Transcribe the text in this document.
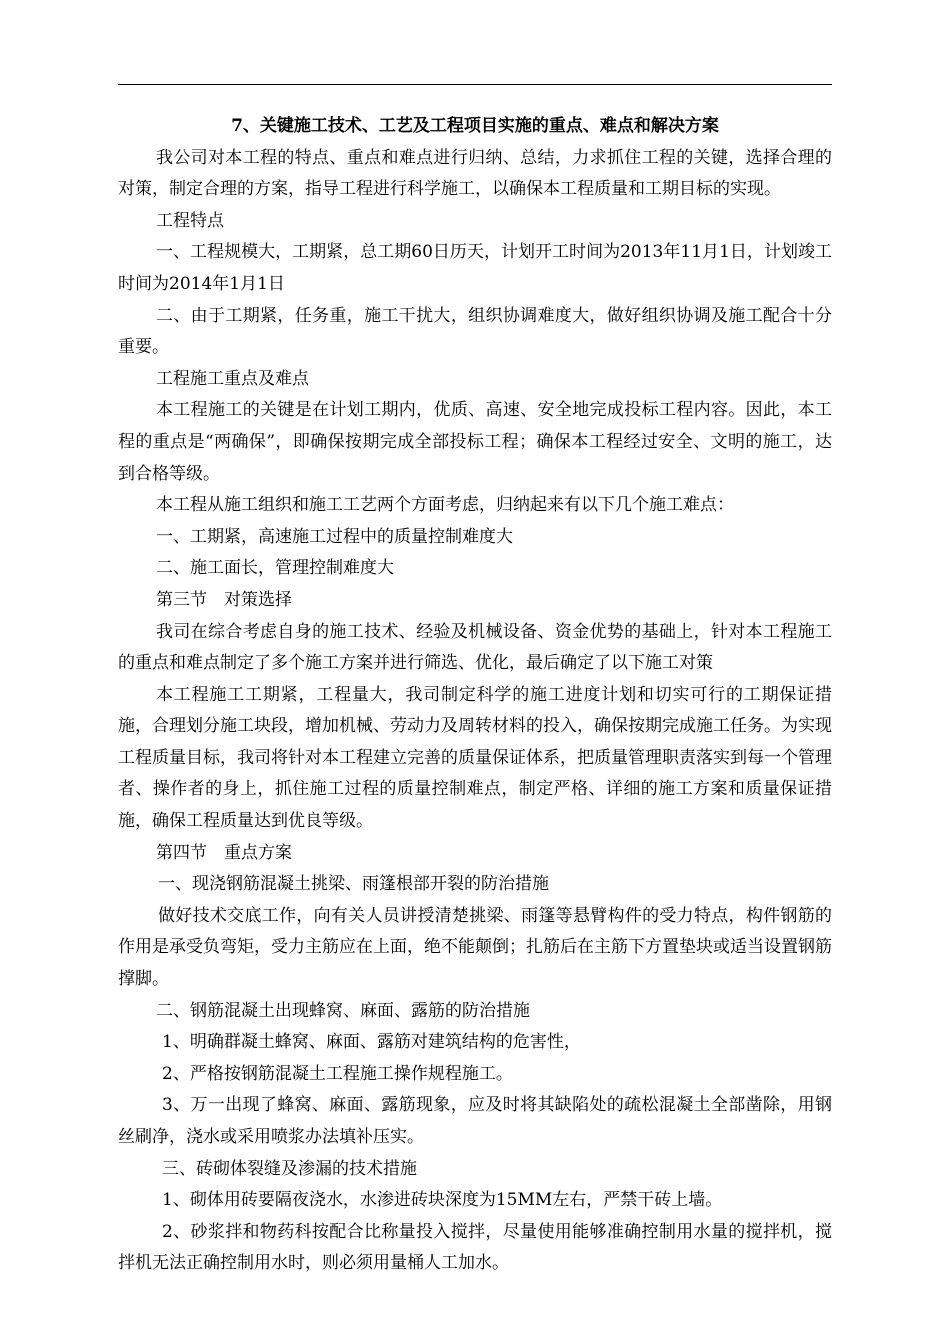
7、关键施工技术、工艺及工程项目实施的重点、难点和解决方案

我公司对本工程的特点、重点和难点进行归纳、总结，力求抓住工程的关键，选择合理的对策，制定合理的方案，指导工程进行科学施工，以确保本工程质量和工期目标的实现。

工程特点

一、工程规模大，工期紧，总工期60日历天，计划开工时间为2013年11月1日，计划竣工时间为2014年1月1日

二、由于工期紧，任务重，施工干扰大，组织协调难度大，做好组织协调及施工配合十分重要。

工程施工重点及难点

本工程施工的关键是在计划工期内，优质、高速、安全地完成投标工程内容。因此，本工程的重点是“两确保”，即确保按期完成全部投标工程；确保本工程经过安全、文明的施工，达到合格等级。

本工程从施工组织和施工工艺两个方面考虑，归纳起来有以下几个施工难点：

一、工期紧，高速施工过程中的质量控制难度大

二、施工面长，管理控制难度大

第三节　对策选择

我司在综合考虑自身的施工技术、经验及机械设备、资金优势的基础上，针对本工程施工的重点和难点制定了多个施工方案并进行筛选、优化，最后确定了以下施工对策

本工程施工工期紧，工程量大，我司制定科学的施工进度计划和切实可行的工期保证措施，合理划分施工块段，增加机械、劳动力及周转材料的投入，确保按期完成施工任务。为实现工程质量目标，我司将针对本工程建立完善的质量保证体系，把质量管理职责落实到每一个管理者、操作者的身上，抓住施工过程的质量控制难点，制定严格、详细的施工方案和质量保证措施，确保工程质量达到优良等级。

第四节　重点方案

一、现浇钢筋混凝土挑梁、雨篷根部开裂的防治措施

做好技术交底工作，向有关人员讲授清楚挑梁、雨篷等悬臂构件的受力特点，构件钢筋的作用是承受负弯矩，受力主筋应在上面，绝不能颠倒；扎筋后在主筋下方置垫块或适当设置钢筋撑脚。

二、钢筋混凝土出现蜂窝、麻面、露筋的防治措施

1、明确群凝土蜂窝、麻面、露筋对建筑结构的危害性，

2、严格按钢筋混凝土工程施工操作规程施工。

3、万一出现了蜂窝、麻面、露筋现象，应及时将其缺陷处的疏松混凝土全部凿除，用钢丝刷净，浇水或采用喷浆办法填补压实。

三、砖砌体裂缝及渗漏的技术措施

1、砌体用砖要隔夜浇水，水渗进砖块深度为15MM左右，严禁干砖上墙。

2、砂浆拌和物药科按配合比称量投入搅拌，尽量使用能够准确控制用水量的搅拌机，搅拌机无法正确控制用水时，则必须用量桶人工加水。
